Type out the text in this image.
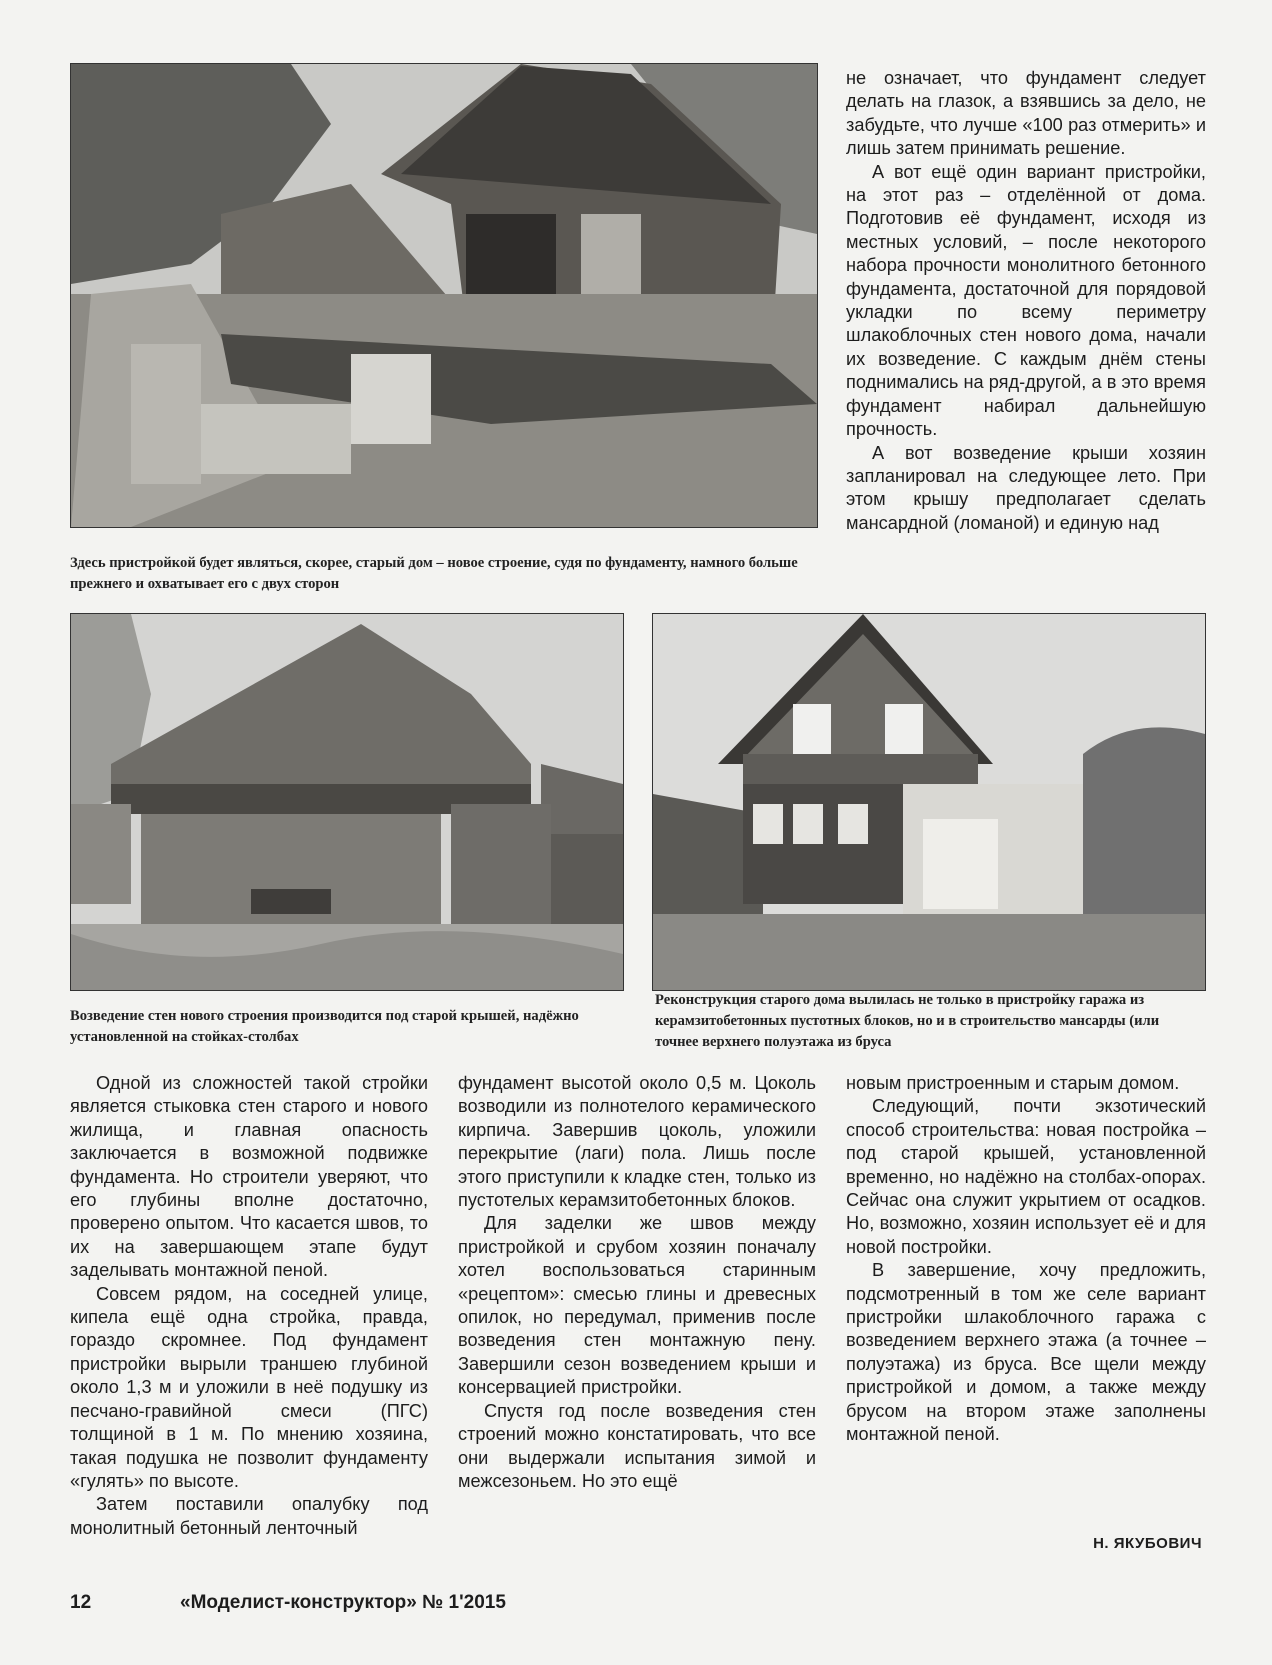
не означает, что фундамент следует делать на глазок, а взявшись за дело, не забудьте, что лучше «100 раз отмерить» и лишь затем принимать решение.

А вот ещё один вариант пристройки, на этот раз – отделённой от дома. Подготовив её фундамент, исходя из местных условий, – после некоторого набора прочности монолитного бетонного фундамента, достаточной для порядовой укладки по всему периметру шлакоблочных стен нового дома, начали их возведение. С каждым днём стены поднимались на ряд-другой, а в это время фундамент набирал дальнейшую прочность.

А вот возведение крыши хозяин запланировал на следующее лето. При этом крышу предполагает сделать мансардной (ломаной) и единую над

Здесь пристройкой будет являться, скорее, старый дом – новое строение, судя по фундаменту, намного больше прежнего и охватывает его с двух сторон
Возведение стен нового строения производится под старой крышей, надёжно установленной на стойках-столбах
Реконструкция старого дома вылилась не только в пристройку гаража из керамзитобетонных пустотных блоков, но и в строительство мансарды (или точнее верхнего полуэтажа из бруса

Одной из сложностей такой стройки является стыковка стен старого и нового жилища, и главная опасность заключается в возможной подвижке фундамента. Но строители уверяют, что его глубины вполне достаточно, проверено опытом. Что касается швов, то их на завершающем этапе будут заделывать монтажной пеной.

Совсем рядом, на соседней улице, кипела ещё одна стройка, правда, гораздо скромнее. Под фундамент пристройки вырыли траншею глубиной около 1,3 м и уложили в неё подушку из песчано-гравийной смеси (ПГС) толщиной в 1 м. По мнению хозяина, такая подушка не позволит фундаменту «гулять» по высоте.

Затем поставили опалубку под монолитный бетонный ленточный

фундамент высотой около 0,5 м. Цоколь возводили из полнотелого керамического кирпича. Завершив цоколь, уложили перекрытие (лаги) пола. Лишь после этого приступили к кладке стен, только из пустотелых керамзитобетонных блоков.

Для заделки же швов между пристройкой и срубом хозяин поначалу хотел воспользоваться старинным «рецептом»: смесью глины и древесных опилок, но передумал, применив после возведения стен монтажную пену. Завершили сезон возведением крыши и консервацией пристройки.

Спустя год после возведения стен строений можно констатировать, что все они выдержали испытания зимой и межсезоньем. Но это ещё

новым пристроенным и старым домом.

Следующий, почти экзотический способ строительства: новая постройка – под старой крышей, установленной временно, но надёжно на столбах-опорах. Сейчас она служит укрытием от осадков. Но, возможно, хозяин использует её и для новой постройки.

В завершение, хочу предложить, подсмотренный в том же селе вариант пристройки шлакоблочного гаража с возведением верхнего этажа (а точнее – полуэтажа) из бруса. Все щели между пристройкой и домом, а также между брусом на втором этаже заполнены монтажной пеной.

Н. ЯКУБОВИЧ
12	«Моделист-конструктор» № 1'2015
